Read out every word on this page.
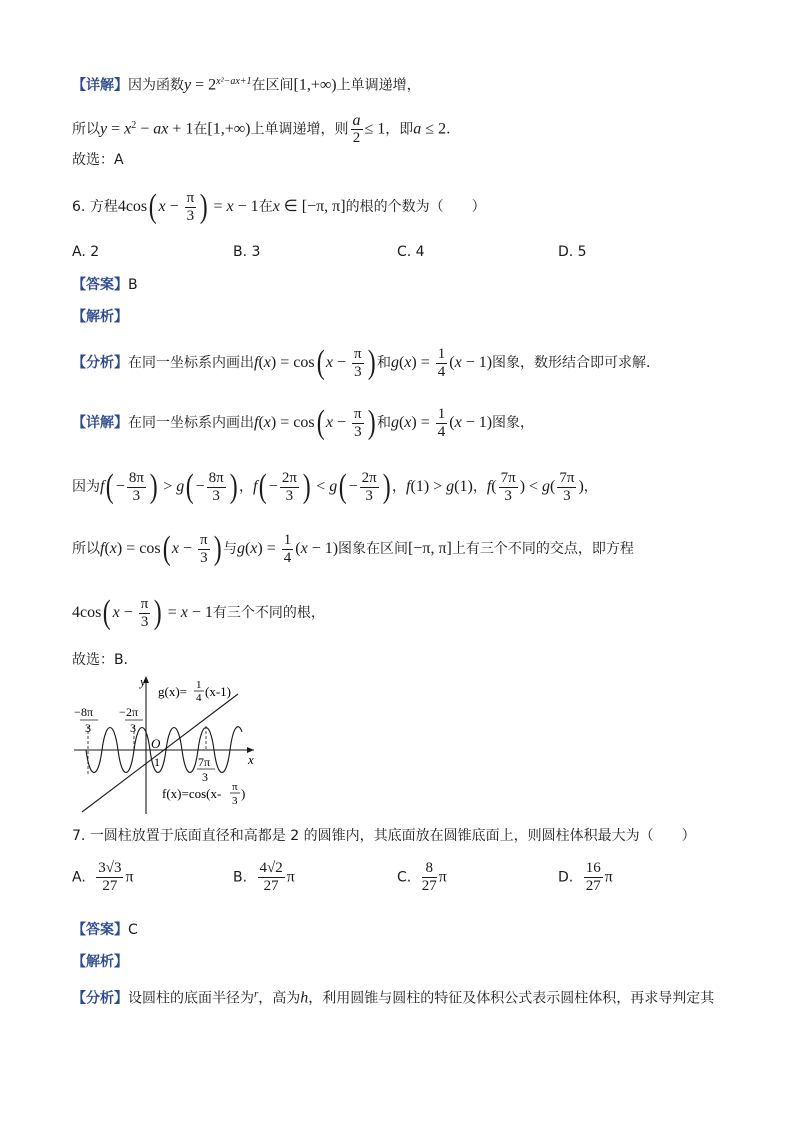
【详解】因为函数$y = 2^{x^2-ax+1}$在区间[1,+∞)上单调递增，
所以$y = x^2$ − ax + 1在[1,+∞)上单调递增，则 $\frac{a}{2} \le 1$，即a ≤ 2．
故选：A
6. 方程4cos( $x - \frac{\pi}{3}$ ) = x − 1在x ∈ [−π, π]的根的个数为（　　）
A. 2	B. 3	C. 4	D. 5
【答案】B
【解析】
【分析】在同一坐标系内画出f(x) = cos( $x - \frac{\pi}{3}$ ) 和$g(x) = \frac{1}{4} (x - 1)$图象，数形结合即可求解．
【详解】在同一坐标系内画出f(x) = cos( $x - \frac{\pi}{3}$ ) 和$g(x) = \frac{1}{4} (x - 1)$图象，
因为$f( - \frac{8\pi}{3}$ ) > $g( - \frac{8\pi}{3}$ ) ，$f( - \frac{2\pi}{3}$ ) < $g( - \frac{2\pi}{3}$ ) ，f(1) > g(1)，$f( \frac{7\pi}{3}$ ) < $g( \frac{7\pi}{3}$ )，
所以f(x) = cos( $x - \frac{\pi}{3}$ ) 与$g(x) = \frac{1}{4} (x - 1)$图象在区间[−π, π]上有三个不同的交点，即方程
4cos( $x - \frac{\pi}{3}$ ) = x − 1有三个不同的根，
故选：B．
y
x
O
1
− 8π
3
− 2π
3
7π
3
g(x)= 1
4 (x-1)
f(x)=cos(x- π
3 )
7. 一圆柱放置于底面直径和高都是 2 的圆锥内，其底面放在圆锥底面上，则圆柱体积最大为（　　）
A. $\frac{3√3}{27}$ π	B. $\frac{4√2}{27}$ π	C. $\frac{8}{27}$ π	D. $\frac{16}{27}$ π
【答案】C
【解析】
【分析】设圆柱的底面半径为$^r$，高为h，利用圆锥与圆柱的特征及体积公式表示圆柱体积，再求导判定其
